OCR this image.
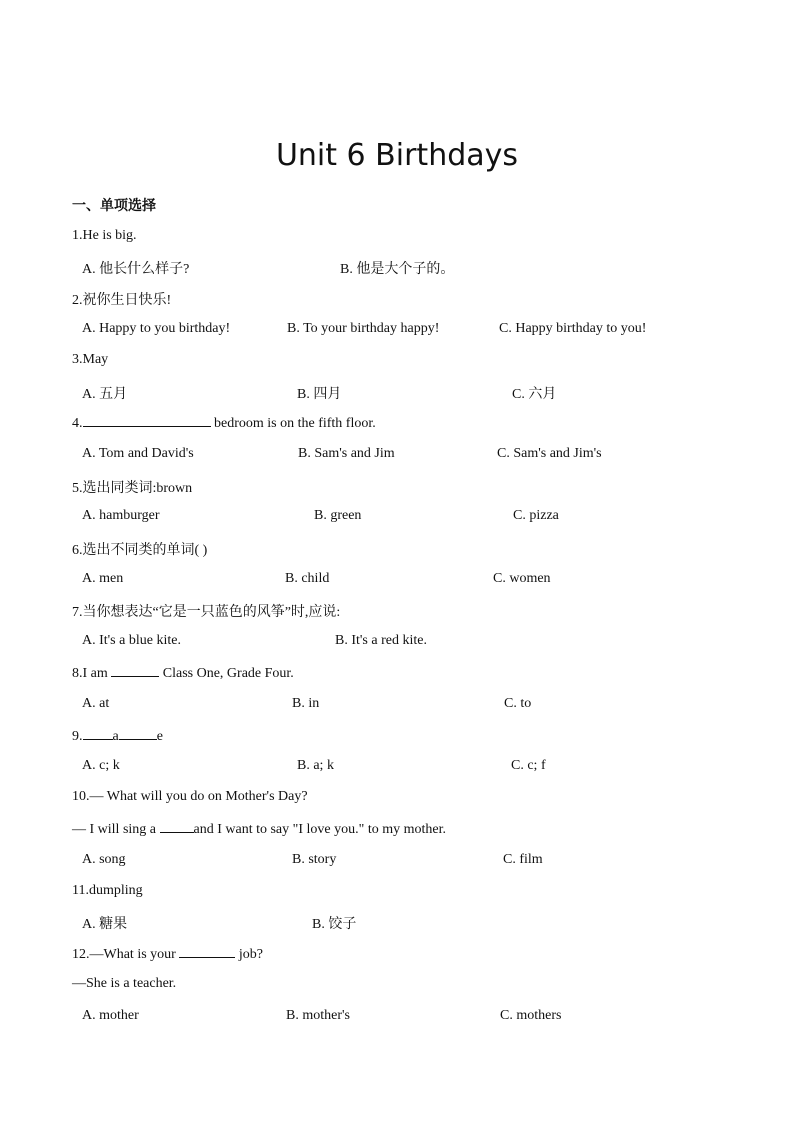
Unit 6 Birthdays
一、单项选择
1.He is big.
A. 他长什么样子?	B. 他是大个子的。
2.祝你生日快乐!
A. Happy to you birthday!	B. To your birthday happy!	C. Happy birthday to you!
3.May
A. 五月	B. 四月	C. 六月
4.	bedroom is on the fifth floor.
A. Tom and David's	B. Sam's and Jim	C. Sam's and Jim's
5.选出同类词:brown
A. hamburger	B. green	C. pizza
6.选出不同类的单词( )
A. men	B. child	C. women
7.当你想表达“它是一只蓝色的风筝”时,应说:
A. It's a blue kite.	B. It's a red kite.
8.I am	Class One, Grade Four.
A. at	B. in	C. to
9. a	e
A. c; k	B. a; k	C. c; f
10.— What will you do on Mother's Day?
— I will sing a and I want to say "I love you." to my mother.
A. song	B. story	C. film
11.dumpling
A. 糖果	B. 饺子
12.—What is your	job?
—She is a teacher.
A. mother	B. mother's	C. mothers
